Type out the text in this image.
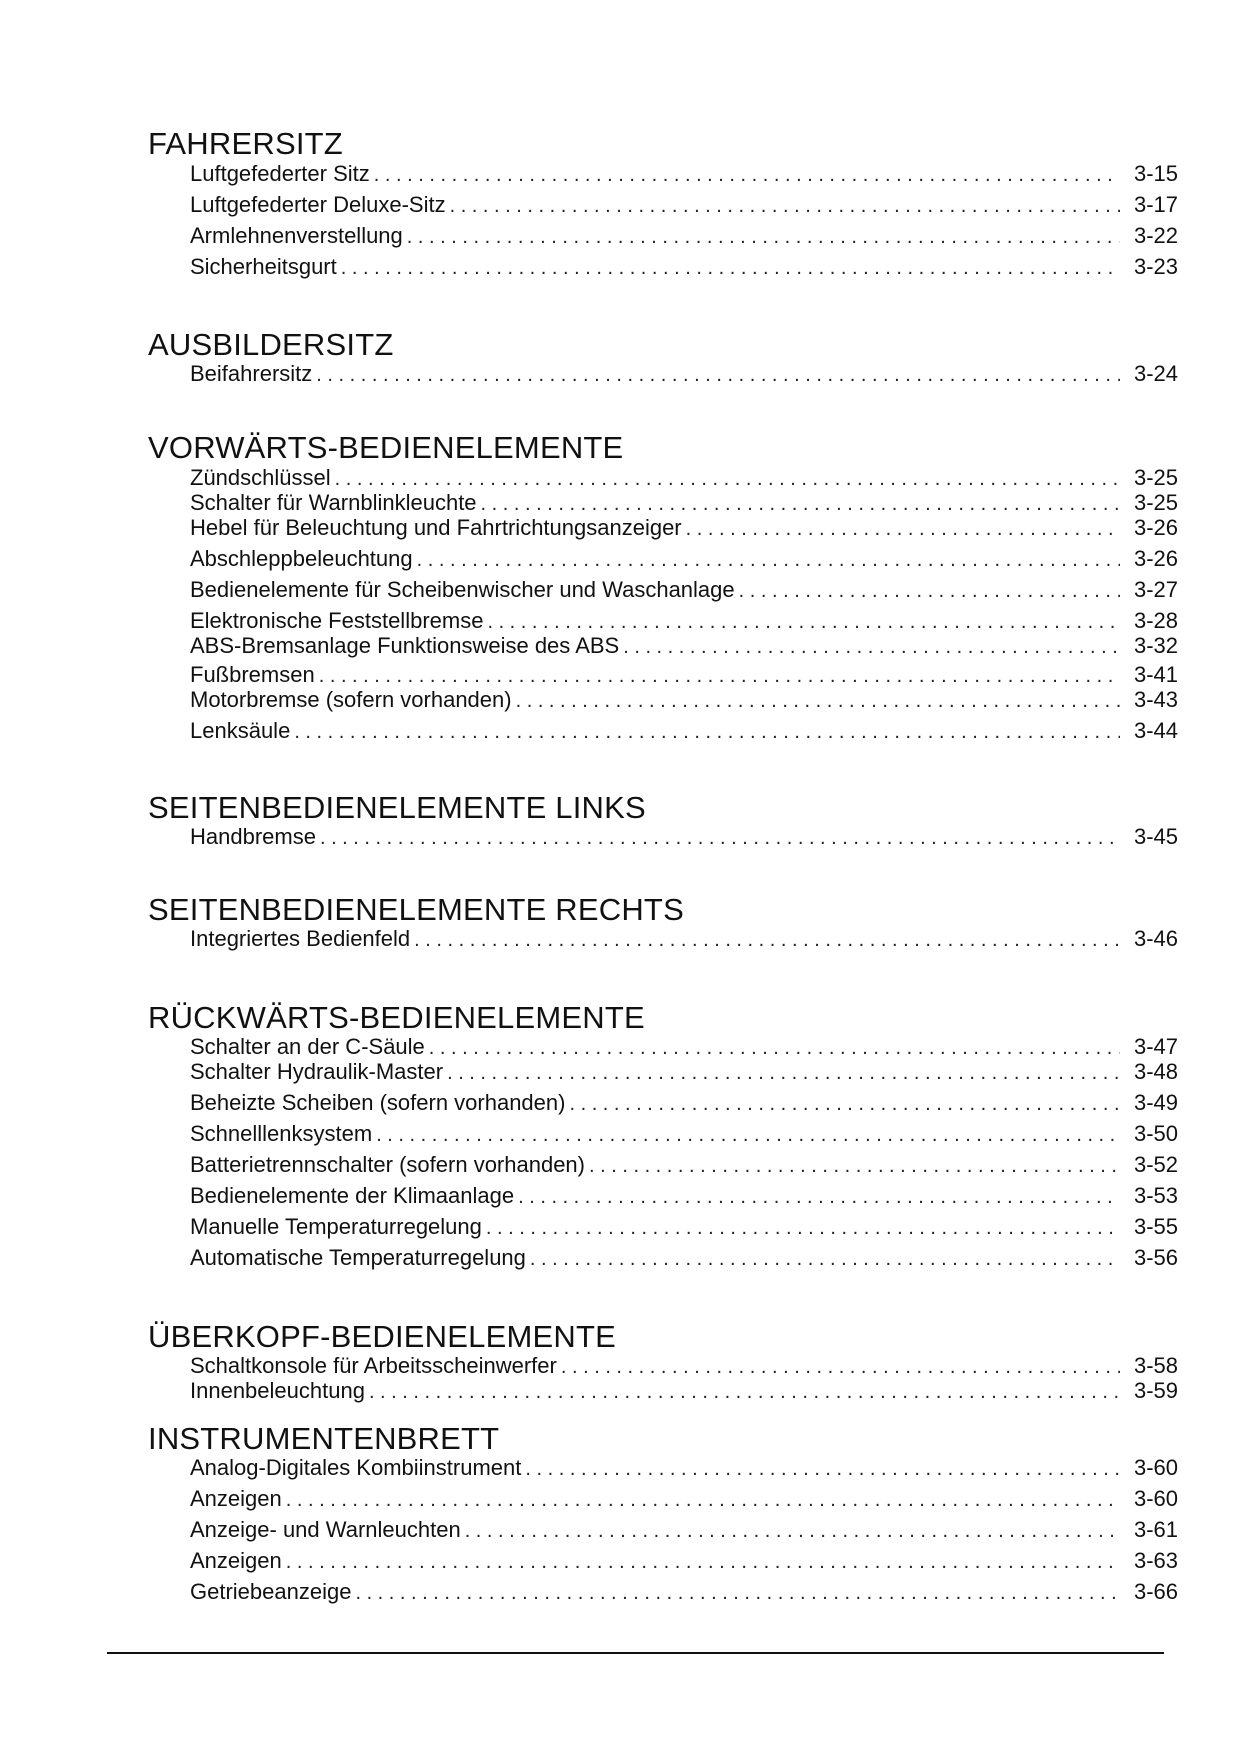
FAHRERSITZ
Luftgefederter Sitz . . .	3-15
Luftgefederter Deluxe-Sitz . . .	3-17
Armlehnenverstellung . . .	3-22
Sicherheitsgurt . . .	3-23
AUSBILDERSITZ
Beifahrersitz . . .	3-24
VORWÄRTS-BEDIENELEMENTE
Zündschlüssel . . .	3-25
Schalter für Warnblinkleuchte . . .	3-25
Hebel für Beleuchtung und Fahrtrichtungsanzeiger . . .	3-26
Abschleppbeleuchtung . . .	3-26
Bedienelemente für Scheibenwischer und Waschanlage . . .	3-27
Elektronische Feststellbremse . . .	3-28
ABS-Bremsanlage Funktionsweise des ABS . . .	3-32
Fußbremsen . . .	3-41
Motorbremse (sofern vorhanden) . . .	3-43
Lenksäule . . .	3-44
SEITENBEDIENELEMENTE LINKS
Handbremse . . .	3-45
SEITENBEDIENELEMENTE RECHTS
Integriertes Bedienfeld . . .	3-46
RÜCKWÄRTS-BEDIENELEMENTE
Schalter an der C-Säule . . .	3-47
Schalter Hydraulik-Master . . .	3-48
Beheizte Scheiben (sofern vorhanden) . . .	3-49
Schnelllenksystem . . .	3-50
Batterietrennschalter (sofern vorhanden) . . .	3-52
Bedienelemente der Klimaanlage . . .	3-53
Manuelle Temperaturregelung . . .	3-55
Automatische Temperaturregelung . . .	3-56
ÜBERKOPF-BEDIENELEMENTE
Schaltkonsole für Arbeitsscheinwerfer . . .	3-58
Innenbeleuchtung . . .	3-59
INSTRUMENTENBRETT
Analog-Digitales Kombiinstrument . . .	3-60
Anzeigen . . .	3-60
Anzeige- und Warnleuchten . . .	3-61
Anzeigen . . .	3-63
Getriebeanzeige . . .	3-66
